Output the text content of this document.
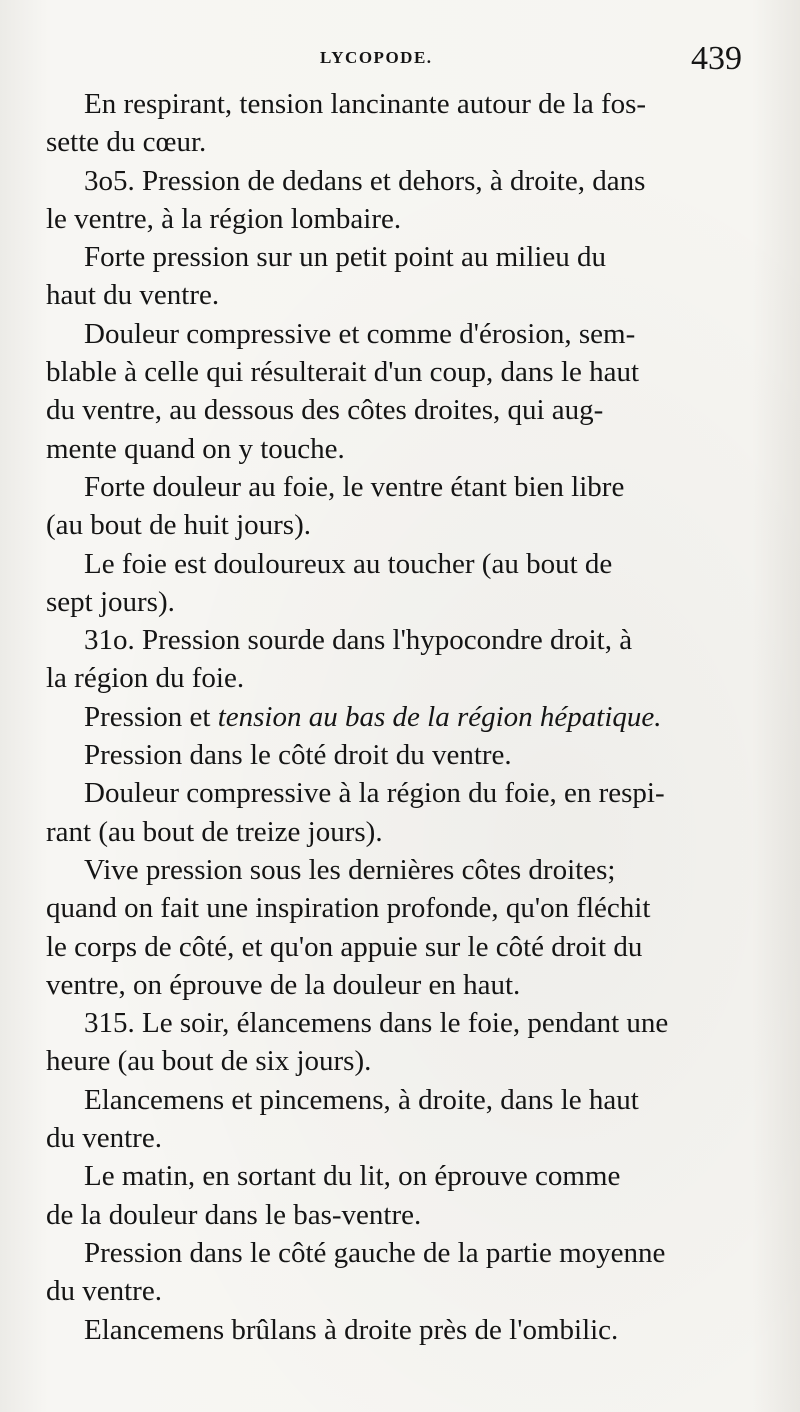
LYCOPODE.	439

En respirant, tension lancinante autour de la fos-
sette du cœur.

3o5. Pression de dedans et dehors, à droite, dans
le ventre, à la région lombaire.

Forte pression sur un petit point au milieu du
haut du ventre.

Douleur compressive et comme d'érosion, sem-
blable à celle qui résulterait d'un coup, dans le haut
du ventre, au dessous des côtes droites, qui aug-
mente quand on y touche.

Forte douleur au foie, le ventre étant bien libre
(au bout de huit jours).

Le foie est douloureux au toucher (au bout de
sept jours).

31o. Pression sourde dans l'hypocondre droit, à
la région du foie.

Pression et tension au bas de la région hépatique.

Pression dans le côté droit du ventre.

Douleur compressive à la région du foie, en respi-
rant (au bout de treize jours).

Vive pression sous les dernières côtes droites;
quand on fait une inspiration profonde, qu'on fléchit
le corps de côté, et qu'on appuie sur le côté droit du
ventre, on éprouve de la douleur en haut.

315. Le soir, élancemens dans le foie, pendant une
heure (au bout de six jours).

Elancemens et pincemens, à droite, dans le haut
du ventre.

Le matin, en sortant du lit, on éprouve comme
de la douleur dans le bas-ventre.

Pression dans le côté gauche de la partie moyenne
du ventre.

Elancemens brûlans à droite près de l'ombilic.
